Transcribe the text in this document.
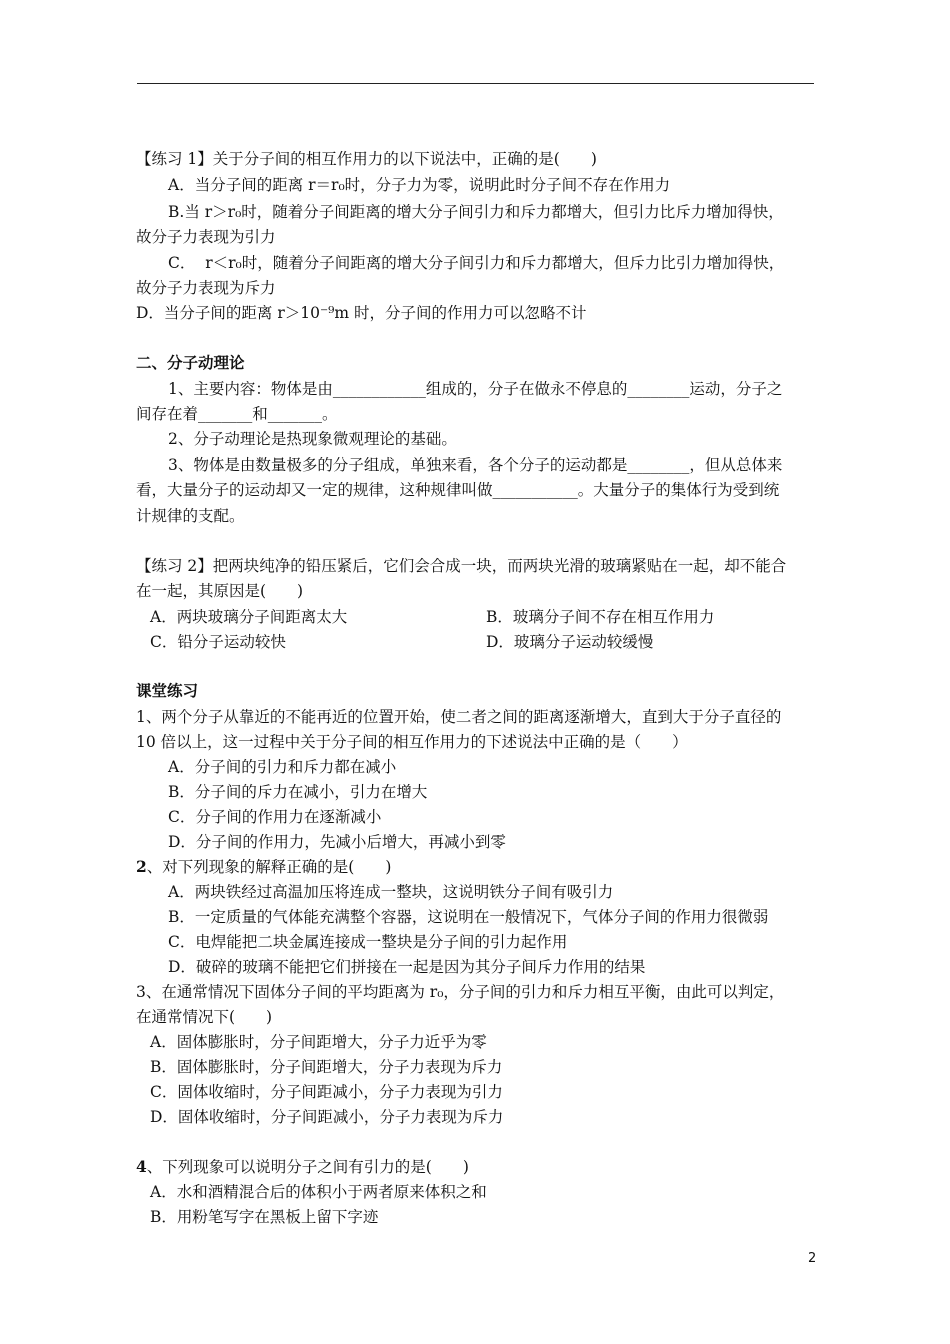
【练习 1】关于分子间的相互作用力的以下说法中，正确的是(　　)
A．当分子间的距离 r＝r₀时，分子力为零，说明此时分子间不存在作用力
B.当 r＞r₀时，随着分子间距离的增大分子间引力和斥力都增大，但引力比斥力增加得快，
故分子力表现为引力
C．  r＜r₀时，随着分子间距离的增大分子间引力和斥力都增大，但斥力比引力增加得快，
故分子力表现为斥力
D．当分子间的距离 r＞10⁻⁹m 时，分子间的作用力可以忽略不计
二、分子动理论
1、主要内容：物体是由____________组成的，分子在做永不停息的________运动，分子之
间存在着_______和_______。
2、分子动理论是热现象微观理论的基础。
3、物体是由数量极多的分子组成，单独来看，各个分子的运动都是________，但从总体来
看，大量分子的运动却又一定的规律，这种规律叫做___________。大量分子的集体行为受到统
计规律的支配。
【练习 2】把两块纯净的铅压紧后，它们会合成一块，而两块光滑的玻璃紧贴在一起，却不能合
在一起，其原因是(　　)
A．两块玻璃分子间距离太大	B．玻璃分子间不存在相互作用力
C．铅分子运动较快	D．玻璃分子运动较缓慢
课堂练习
1、两个分子从靠近的不能再近的位置开始，使二者之间的距离逐渐增大，直到大于分子直径的
10 倍以上，这一过程中关于分子间的相互作用力的下述说法中正确的是（　　）
A．分子间的引力和斥力都在减小
B．分子间的斥力在减小，引力在增大
C．分子间的作用力在逐渐减小
D．分子间的作用力，先减小后增大，再减小到零
2、对下列现象的解释正确的是(　　)
A．两块铁经过高温加压将连成一整块，这说明铁分子间有吸引力
B．一定质量的气体能充满整个容器，这说明在一般情况下，气体分子间的作用力很微弱
C．电焊能把二块金属连接成一整块是分子间的引力起作用
D．破碎的玻璃不能把它们拼接在一起是因为其分子间斥力作用的结果
3、在通常情况下固体分子间的平均距离为 r₀，分子间的引力和斥力相互平衡，由此可以判定，
在通常情况下(　　)
A．固体膨胀时，分子间距增大，分子力近乎为零
B．固体膨胀时，分子间距增大，分子力表现为斥力
C．固体收缩时，分子间距减小，分子力表现为引力
D．固体收缩时，分子间距减小，分子力表现为斥力
4、下列现象可以说明分子之间有引力的是(　　)
A．水和酒精混合后的体积小于两者原来体积之和
B．用粉笔写字在黑板上留下字迹
2
